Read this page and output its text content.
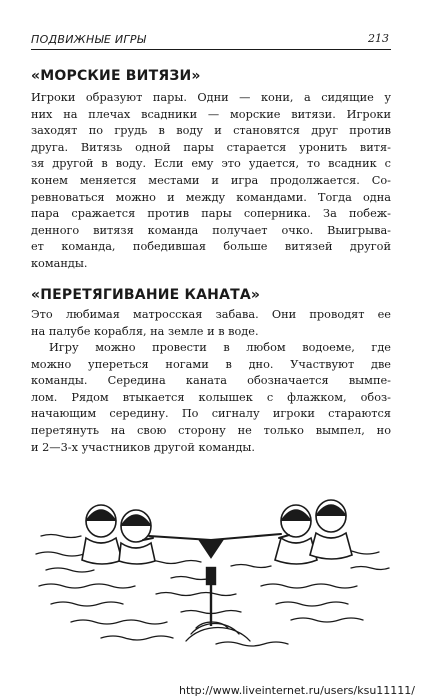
ПОДВИЖНЫЕ ИГРЫ	213
«МОРСКИЕ ВИТЯЗИ»
Игроки образуют пары. Одни — кони, а сидящие у
них на плечах всадники — морские витязи. Игроки
заходят по грудь в воду и становятся друг против
друга. Витязь одной пары старается уронить витя-
зя другой в воду. Если ему это удается, то всадник с
конем меняется местами и игра продолжается. Со-
ревноваться можно и между командами. Тогда одна
пара сражается против пары соперника. За побеж-
денного витязя команда получает очко. Выигрыва-
ет команда, победившая больше витязей другой
команды.
«ПЕРЕТЯГИВАНИЕ КАНАТА»
Это любимая матросская забава. Они проводят ее
на палубе корабля, на земле и в воде.
Игру можно провести в любом водоеме, где
можно упереться ногами в дно. Участвуют две
команды. Середина каната обозначается вымпе-
лом. Рядом втыкается колышек с флажком, обоз-
начающим середину. По сигналу игроки стараются
перетянуть на свою сторону не только вымпел, но
и 2—3-х участников другой команды.
http://www.liveinternet.ru/users/ksu11111/
